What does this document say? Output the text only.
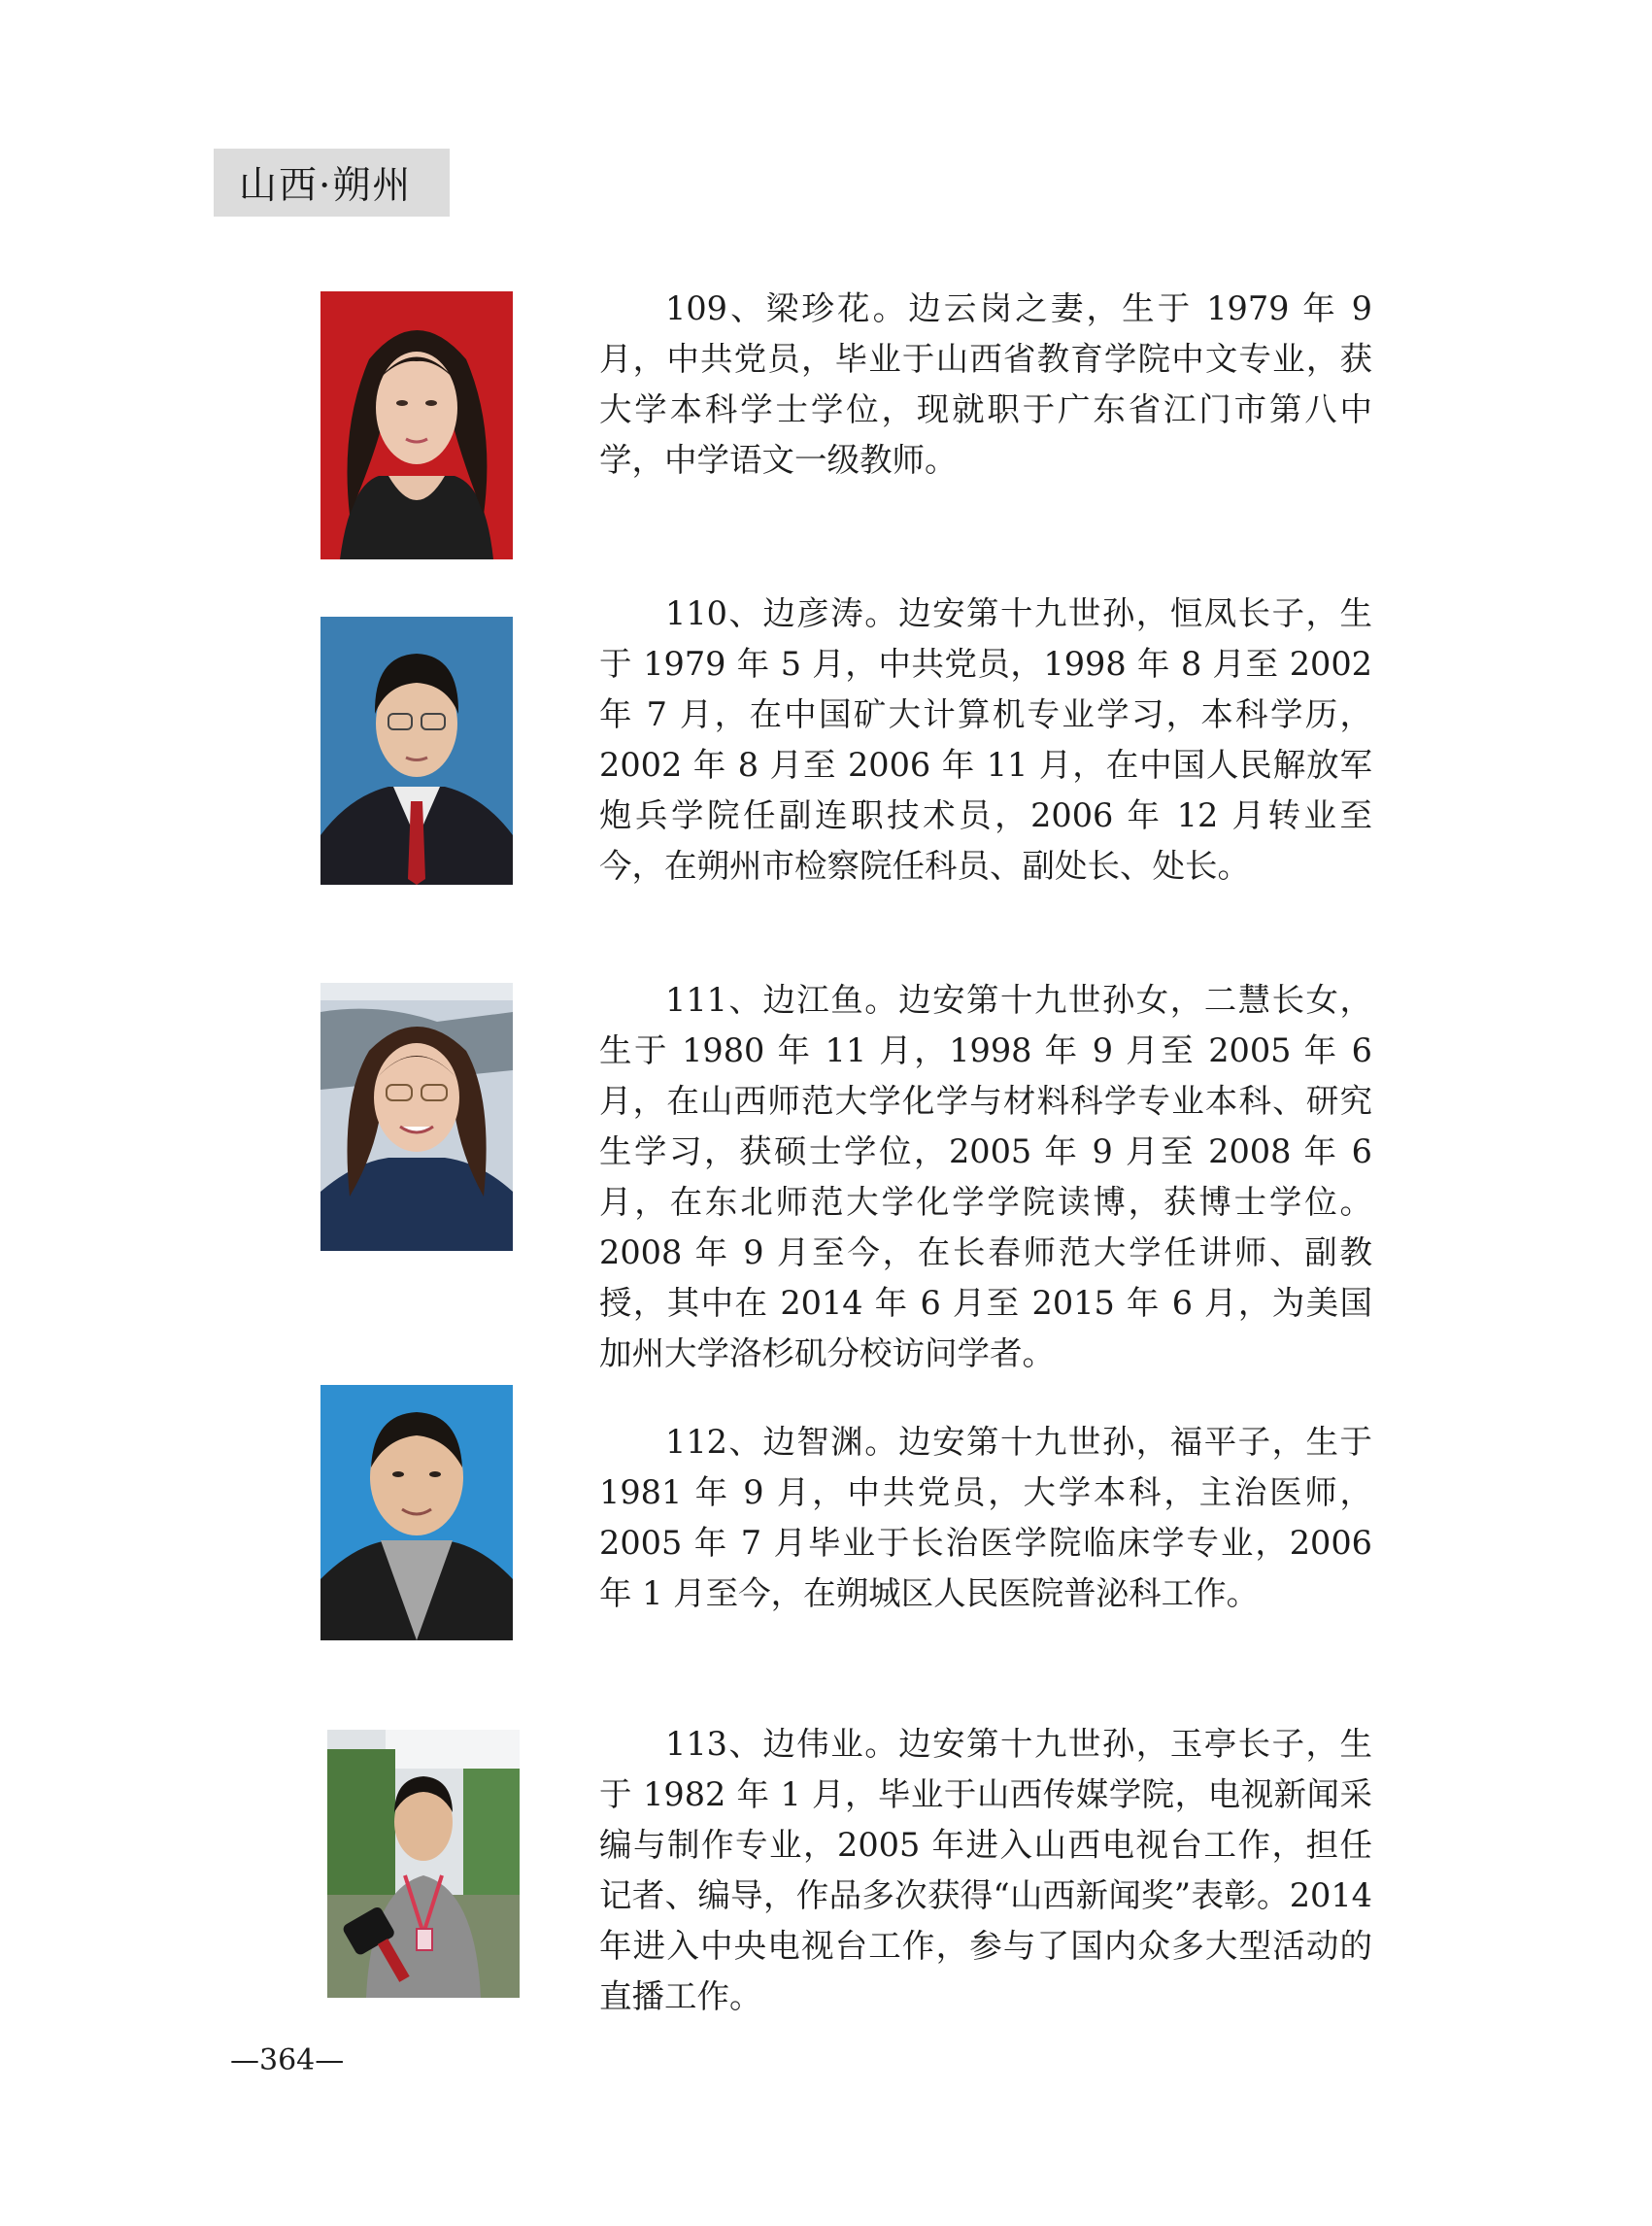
山西·朔州

109、梁珍花。边云岗之妻，生于 1979 年 9 月，中共党员，毕业于山西省教育学院中文专业，获大学本科学士学位，现就职于广东省江门市第八中学，中学语文一级教师。

110、边彦涛。边安第十九世孙，恒凤长子，生于 1979 年 5 月，中共党员，1998 年 8 月至 2002 年 7 月，在中国矿大计算机专业学习，本科学历，2002 年 8 月至 2006 年 11 月，在中国人民解放军炮兵学院任副连职技术员，2006 年 12 月转业至今，在朔州市检察院任科员、副处长、处长。

111、边江鱼。边安第十九世孙女，二慧长女，生于 1980 年 11 月，1998 年 9 月至 2005 年 6 月，在山西师范大学化学与材料科学专业本科、研究生学习，获硕士学位，2005 年 9 月至 2008 年 6 月，在东北师范大学化学学院读博，获博士学位。2008 年 9 月至今，在长春师范大学任讲师、副教授，其中在 2014 年 6 月至 2015 年 6 月，为美国加州大学洛杉矶分校访问学者。

112、边智渊。边安第十九世孙，福平子，生于 1981 年 9 月，中共党员，大学本科，主治医师，2005 年 7 月毕业于长治医学院临床学专业，2006 年 1 月至今，在朔城区人民医院普泌科工作。

113、边伟业。边安第十九世孙，玉亭长子，生于 1982 年 1 月，毕业于山西传媒学院，电视新闻采编与制作专业，2005 年进入山西电视台工作，担任记者、编导，作品多次获得“山西新闻奖”表彰。2014 年进入中央电视台工作，参与了国内众多大型活动的直播工作。

—364—
